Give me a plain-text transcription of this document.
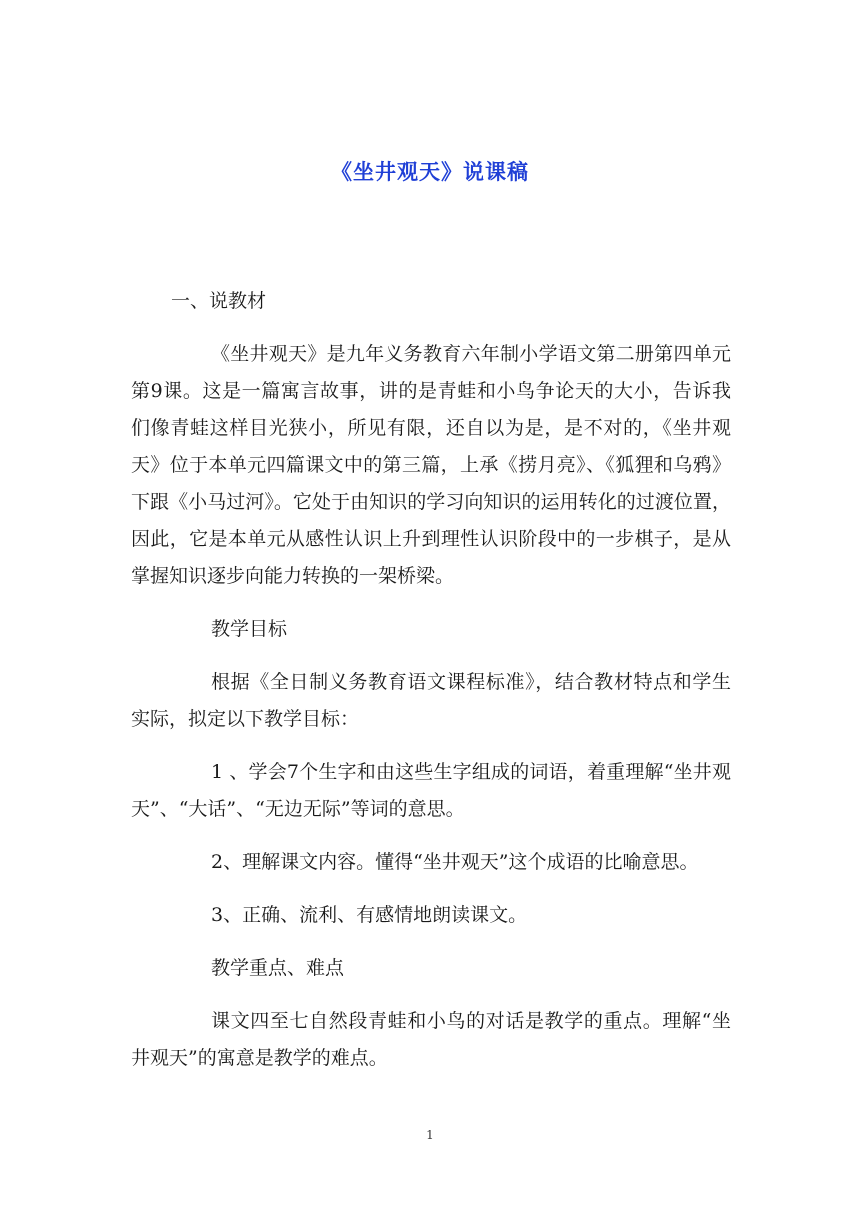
《坐井观天》说课稿

一、说教材

《坐井观天》是九年义务教育六年制小学语文第二册第四单元第9课。这是一篇寓言故事，讲的是青蛙和小鸟争论天的大小，告诉我们像青蛙这样目光狭小，所见有限，还自以为是，是不对的，《坐井观天》位于本单元四篇课文中的第三篇，上承《捞月亮》、《狐狸和乌鸦》下跟《小马过河》。它处于由知识的学习向知识的运用转化的过渡位置，因此，它是本单元从感性认识上升到理性认识阶段中的一步棋子，是从掌握知识逐步向能力转换的一架桥梁。

教学目标

根据《全日制义务教育语文课程标准》，结合教材特点和学生实际，拟定以下教学目标：

1 、学会7个生字和由这些生字组成的词语，着重理解“坐井观天”、“大话”、“无边无际”等词的意思。

2、理解课文内容。懂得“坐井观天”这个成语的比喻意思。

3、正确、流利、有感情地朗读课文。

教学重点、难点

课文四至七自然段青蛙和小鸟的对话是教学的重点。理解“坐井观天”的寓意是教学的难点。

1
